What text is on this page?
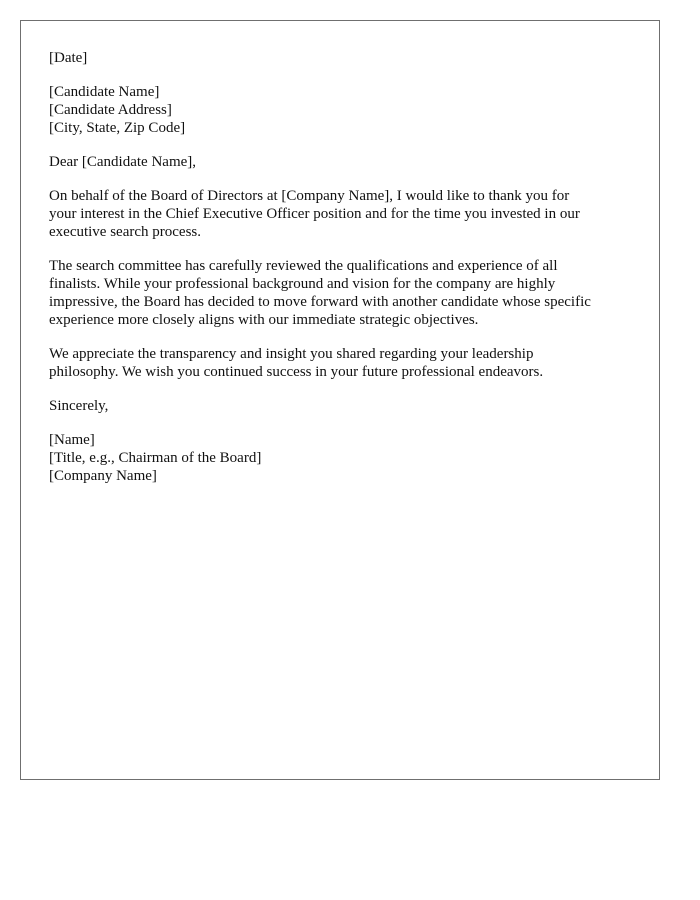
[Date]
[Candidate Name]
[Candidate Address]
[City, State, Zip Code]
Dear [Candidate Name],
On behalf of the Board of Directors at [Company Name], I would like to thank you for
your interest in the Chief Executive Officer position and for the time you invested in our
executive search process.
The search committee has carefully reviewed the qualifications and experience of all
finalists. While your professional background and vision for the company are highly
impressive, the Board has decided to move forward with another candidate whose specific
experience more closely aligns with our immediate strategic objectives.
We appreciate the transparency and insight you shared regarding your leadership
philosophy. We wish you continued success in your future professional endeavors.
Sincerely,
[Name]
[Title, e.g., Chairman of the Board]
[Company Name]
